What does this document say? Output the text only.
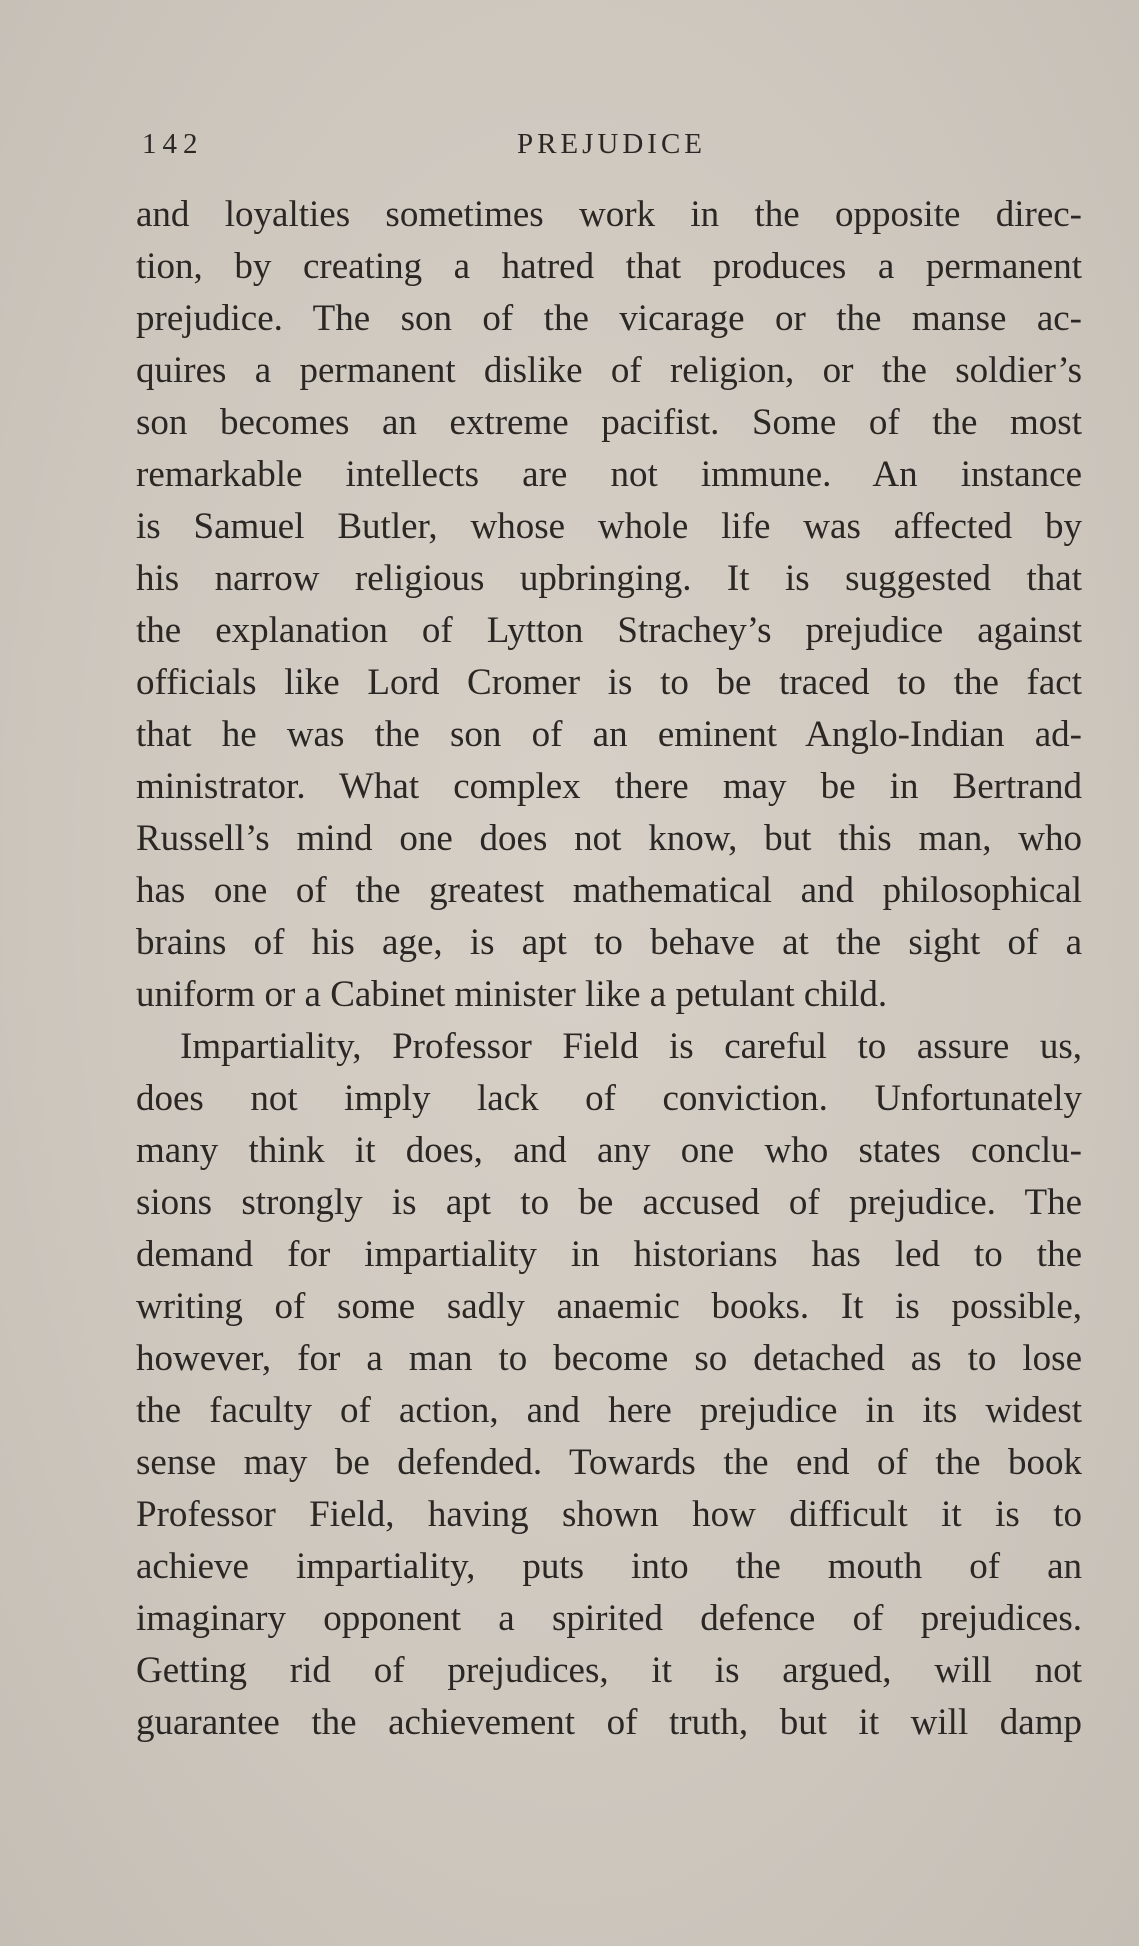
142	PREJUDICE
and loyalties sometimes work in the opposite direc-
tion, by creating a hatred that produces a permanent
prejudice. The son of the vicarage or the manse ac-
quires a permanent dislike of religion, or the soldier’s
son becomes an extreme pacifist. Some of the most
remarkable intellects are not immune. An instance
is Samuel Butler, whose whole life was affected by
his narrow religious upbringing. It is suggested that
the explanation of Lytton Strachey’s prejudice against
officials like Lord Cromer is to be traced to the fact
that he was the son of an eminent Anglo-Indian ad-
ministrator. What complex there may be in Bertrand
Russell’s mind one does not know, but this man, who
has one of the greatest mathematical and philosophical
brains of his age, is apt to behave at the sight of a
uniform or a Cabinet minister like a petulant child.
Impartiality, Professor Field is careful to assure us,
does not imply lack of conviction. Unfortunately
many think it does, and any one who states conclu-
sions strongly is apt to be accused of prejudice. The
demand for impartiality in historians has led to the
writing of some sadly anaemic books. It is possible,
however, for a man to become so detached as to lose
the faculty of action, and here prejudice in its widest
sense may be defended. Towards the end of the book
Professor Field, having shown how difficult it is to
achieve impartiality, puts into the mouth of an
imaginary opponent a spirited defence of prejudices.
Getting rid of prejudices, it is argued, will not
guarantee the achievement of truth, but it will damp
